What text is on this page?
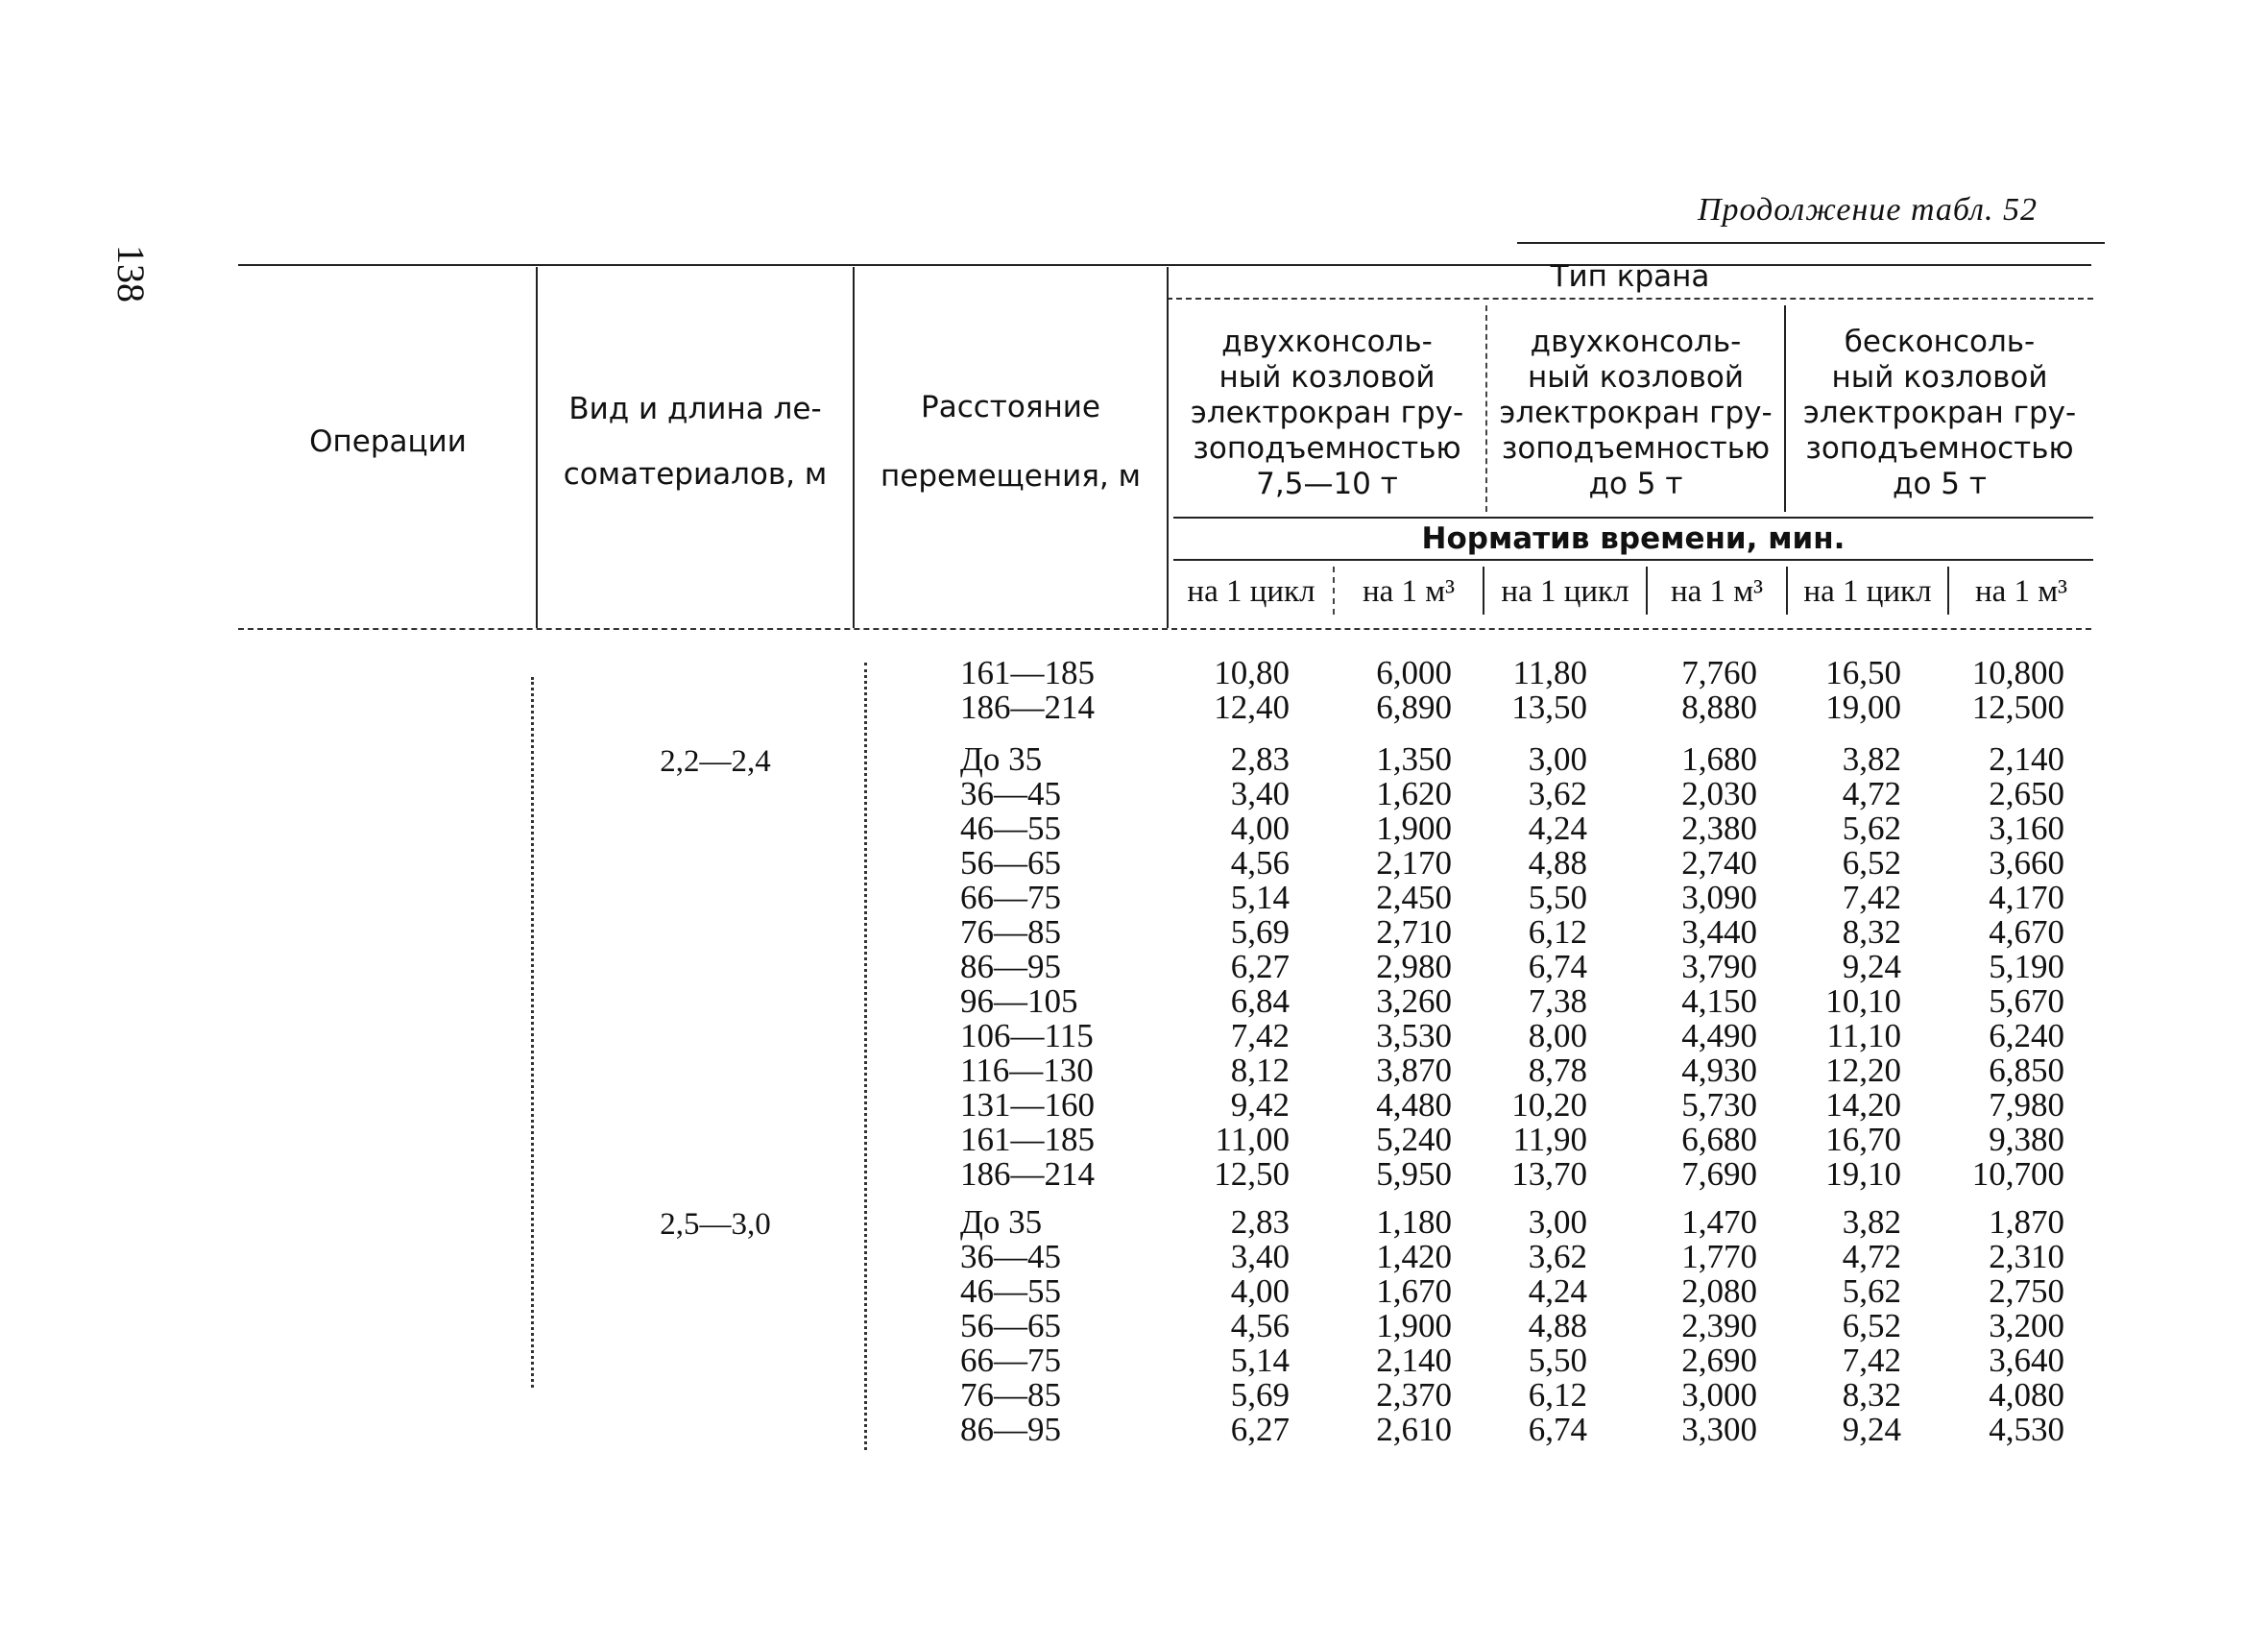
138
Продолжение табл. 52
Операции
Вид и длина ле-
соматериалов, м
Расстояние
перемещения, м
Тип крана
двухконсоль-
ный козловой
электрокран гру-
зоподъемностью
7,5—10 т
двухконсоль-
ный козловой
электрокран гру-
зоподъемностью
до 5 т
бесконсоль-
ный козловой
электрокран гру-
зоподъемностью
до 5 т
Норматив времени, мин.
на 1 цикл	на 1 м³	на 1 цикл	на 1 м³	на 1 цикл	на 1 м³
161—185	10,80	6,000	11,80	7,760	16,50	10,800
186—214	12,40	6,890	13,50	8,880	19,00	12,500
2,2—2,4	До 35	2,83	1,350	3,00	1,680	3,82	2,140
36—45	3,40	1,620	3,62	2,030	4,72	2,650
46—55	4,00	1,900	4,24	2,380	5,62	3,160
56—65	4,56	2,170	4,88	2,740	6,52	3,660
66—75	5,14	2,450	5,50	3,090	7,42	4,170
76—85	5,69	2,710	6,12	3,440	8,32	4,670
86—95	6,27	2,980	6,74	3,790	9,24	5,190
96—105	6,84	3,260	7,38	4,150	10,10	5,670
106—115	7,42	3,530	8,00	4,490	11,10	6,240
116—130	8,12	3,870	8,78	4,930	12,20	6,850
131—160	9,42	4,480	10,20	5,730	14,20	7,980
161—185	11,00	5,240	11,90	6,680	16,70	9,380
186—214	12,50	5,950	13,70	7,690	19,10	10,700
2,5—3,0	До 35	2,83	1,180	3,00	1,470	3,82	1,870
36—45	3,40	1,420	3,62	1,770	4,72	2,310
46—55	4,00	1,670	4,24	2,080	5,62	2,750
56—65	4,56	1,900	4,88	2,390	6,52	3,200
66—75	5,14	2,140	5,50	2,690	7,42	3,640
76—85	5,69	2,370	6,12	3,000	8,32	4,080
86—95	6,27	2,610	6,74	3,300	9,24	4,530
